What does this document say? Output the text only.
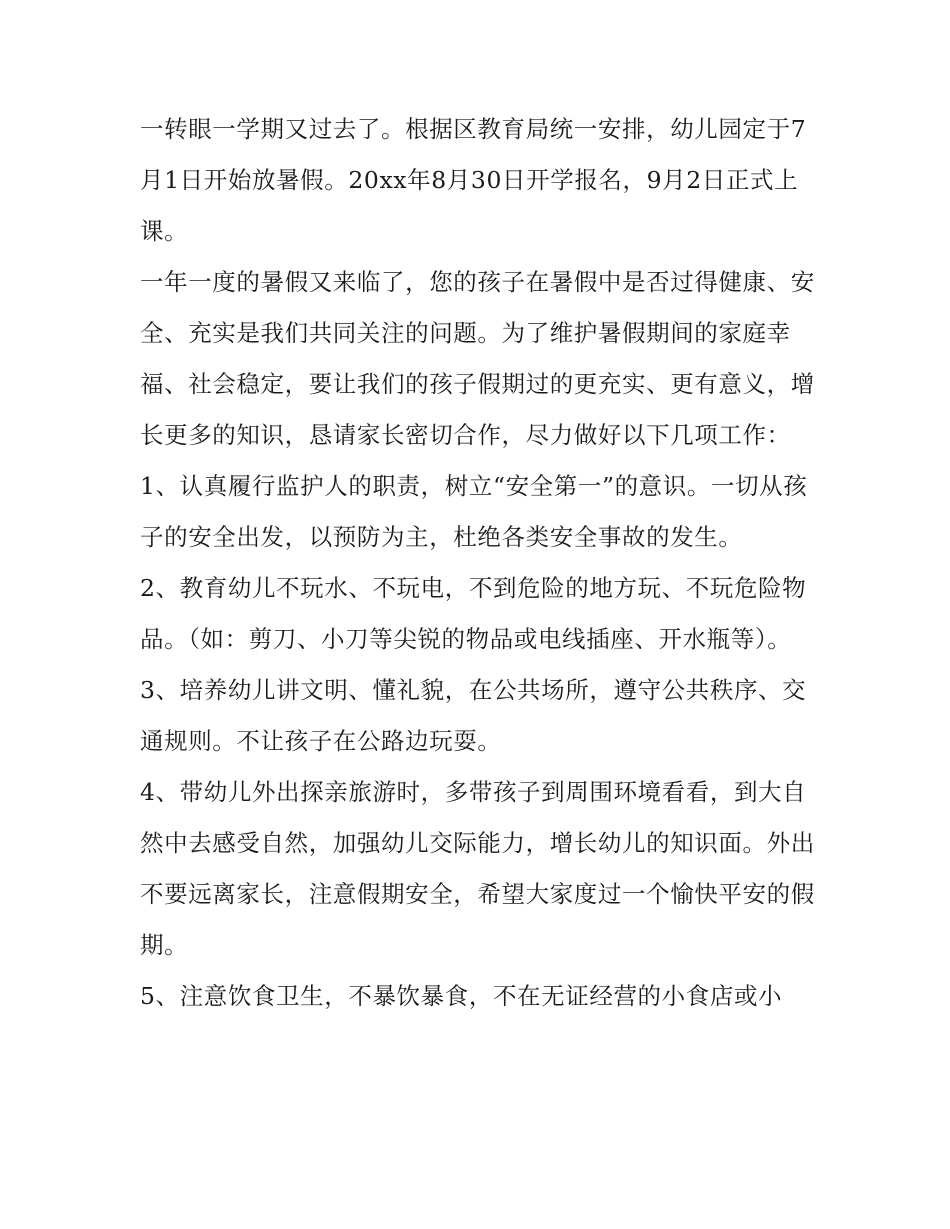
一转眼一学期又过去了。根据区教育局统一安排，幼儿园定于7月1日开始放暑假。20xx年8月30日开学报名，9月2日正式上课。

一年一度的暑假又来临了，您的孩子在暑假中是否过得健康、安全、充实是我们共同关注的问题。为了维护暑假期间的家庭幸福、社会稳定，要让我们的孩子假期过的更充实、更有意义，增长更多的知识，恳请家长密切合作，尽力做好以下几项工作：

1、认真履行监护人的职责，树立“安全第一”的意识。一切从孩子的安全出发，以预防为主，杜绝各类安全事故的发生。

2、教育幼儿不玩水、不玩电，不到危险的地方玩、不玩危险物品。（如：剪刀、小刀等尖锐的物品或电线插座、开水瓶等）。

3、培养幼儿讲文明、懂礼貌，在公共场所，遵守公共秩序、交通规则。不让孩子在公路边玩耍。

4、带幼儿外出探亲旅游时，多带孩子到周围环境看看，到大自然中去感受自然，加强幼儿交际能力，增长幼儿的知识面。外出不要远离家长，注意假期安全，希望大家度过一个愉快平安的假期。

5、注意饮食卫生，不暴饮暴食，不在无证经营的小食店或小
